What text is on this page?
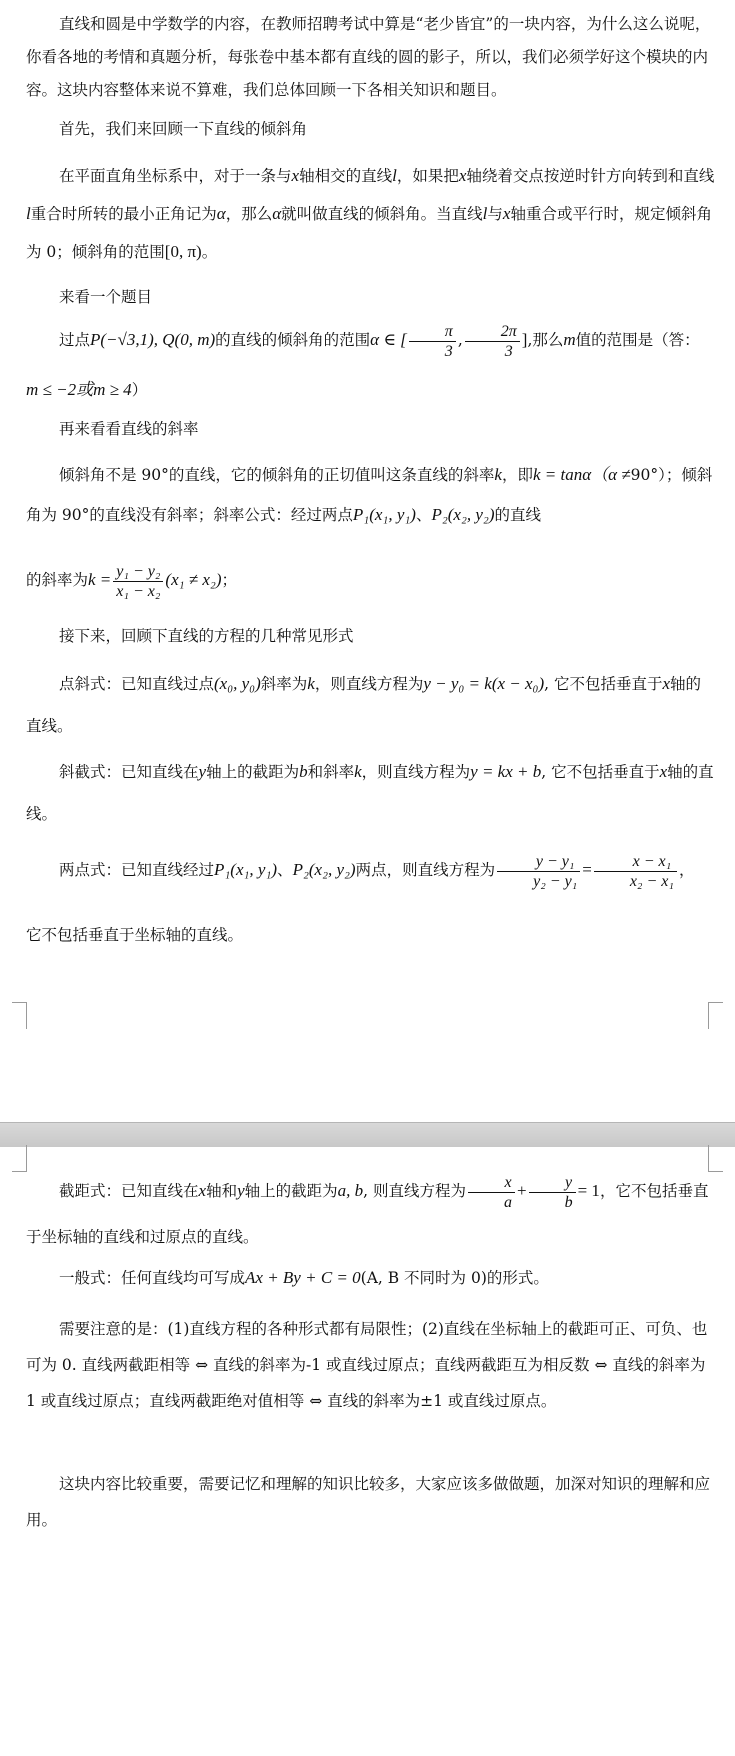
直线和圆是中学数学的内容，在教师招聘考试中算是“老少皆宜”的一块内容，为什么这么说呢，你看各地的考情和真题分析，每张卷中基本都有直线的圆的影子，所以，我们必须学好这个模块的内容。这块内容整体来说不算难，我们总体回顾一下各相关知识和题目。
首先，我们来回顾一下直线的倾斜角
在平面直角坐标系中，对于一条与x轴相交的直线l，如果把x轴绕着交点按逆时针方向转到和直线l重合时所转的最小正角记为α，那么α就叫做直线的倾斜角。当直线l与x轴重合或平行时，规定倾斜角为 0；倾斜角的范围[0, π)。
来看一个题目
过点P(−√3,1), Q(0, m)的直线的倾斜角的范围α ∈ [ $\frac{\pi}{3}$ , $\frac{2\pi}{3}$ ],那么m值的范围是（答：
m ≤ −2或m ≥ 4）
再来看看直线的斜率
倾斜角不是 90°的直线，它的倾斜角的正切值叫这条直线的斜率k，即k = tanα（α ≠90°）；倾斜角为 90°的直线没有斜率；斜率公式：经过两点P₁(x₁, y₁)、P₂(x₂, y₂)的直线
的斜率为$k = \frac{\text{y₁ − y₂}}{\text{x₁ − x₂}} (x_1 \ne x_2)$；
接下来，回顾下直线的方程的几种常见形式
点斜式：已知直线过点(x₀, y₀)斜率为k，则直线方程为y − y₀ = k(x − x₀), 它不包括垂直于x轴的直线。
斜截式：已知直线在y轴上的截距为b和斜率k，则直线方程为y = kx + b, 它不包括垂直于x轴的直线。
两点式：已知直线经过P₁(x₁, y₁)、P₂(x₂, y₂)两点，则直线方程为 $\frac{\text{y − y₁}}{\text{y₂ − y₁}} = \frac{\text{x − x₁}}{\text{x₂ − x₁}}$ ，
它不包括垂直于坐标轴的直线。
截距式：已知直线在x轴和y轴上的截距为a, b, 则直线方程为 $\frac{x}{a} + \frac{y}{b} = 1$，它不包括垂直于坐标轴的直线和过原点的直线。
一般式：任何直线均可写成Ax + By + C = 0(A, B 不同时为 0)的形式。
需要注意的是：(1)直线方程的各种形式都有局限性；(2)直线在坐标轴上的截距可正、可负、也可为 0. 直线两截距相等 ⇔ 直线的斜率为-1 或直线过原点；直线两截距互为相反数 ⇔ 直线的斜率为 1 或直线过原点；直线两截距绝对值相等 ⇔ 直线的斜率为±1 或直线过原点。
这块内容比较重要，需要记忆和理解的知识比较多，大家应该多做做题，加深对知识的理解和应用。
